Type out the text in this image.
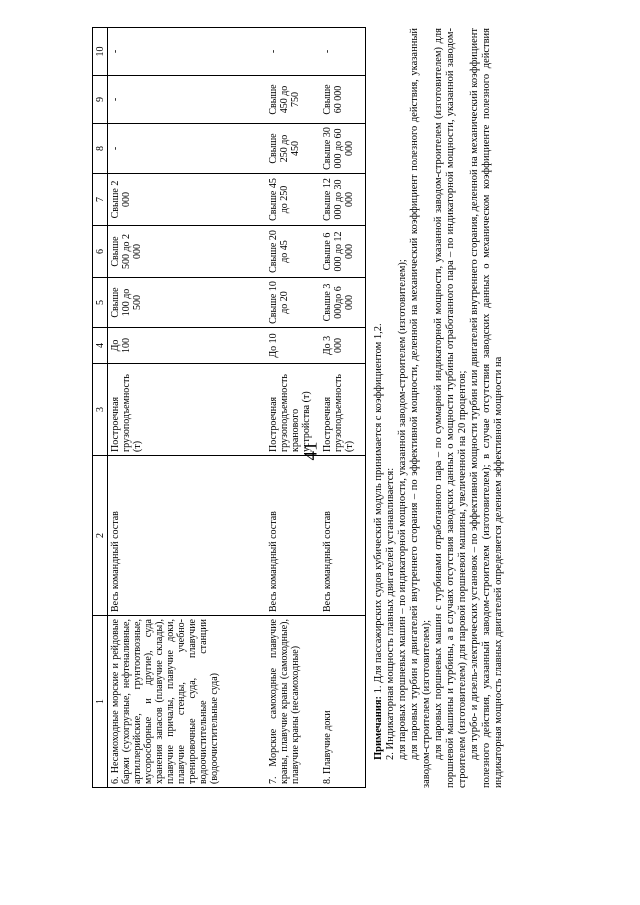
41
1	2	3	4	5	6	7	8	9	10
6. Несамоходные морские и рейдовые баржи (сухогрузные, нефтеналивные, артиллерийские, грунтоотвозные, мусоросборные и другие), суда хранения запасов (плавучие склады), плавучие причалы, плавучие доки, плавучие стенды, учебно-тренировочные суда, плавучие водоочистительные станции (водоочистительные суда)	Весь командный состав	Построечная грузоподъемность (т)	До 100	Свыше 100 до 500	Свыше 500 до 2 000	Свыше 2 000	-	-	-
7. Морские самоходные плавучие краны, плавучие краны (самоходные), плавучие краны (несамоходные)	Весь командный состав	Построечная грузоподъемность кранового устройства (т)	До 10	Свыше 10 до 20	Свыше 20 до 45	Свыше 45 до 250	Свыше 250 до 450	Свыше 450 до 750	-
8. Плавучие доки	Весь командный состав	Построечная грузоподъемность (т)	До 3 000	Свыше 3 000до 6 000	Свыше 6 000 до 12 000	Свыше 12 000 до 30 000	Свыше 30 000 до 60 000	Свыше 60 000	-

Примечания: 1. Для пассажирских судов кубический модуль принимается с коэффициентом 1,2. 2. Индикаторная мощность главных двигателей устанавливается: для паровых поршневых машин – по индикаторной мощности, указанной заводом-строителем (изготовителем); для паровых турбин и двигателей внутреннего сгорания – по эффективной мощности, деленной на механический коэффициент полезного действия, указанный заводом-строителем (изготовителем); для паровых поршневых машин с турбинами отработанного пара – по суммарной индикаторной мощности, указанной заводом-строителем (изготовителем) для поршневой машины и турбины, а в случаях отсутствия заводских данных о мощности турбины отработанного пара – по индикаторной мощности, указанной заводом-строителем (изготовителем) для паровой поршневой машины, увеличенной на 20 процентов; для турбо- и дизель-электрических установок – по эффективной мощности турбин или двигателей внутреннего сгорания, деленной на механический коэффициент полезного действия, указанный заводом-строителем (изготовителем); в случае отсутствия заводских данных о механическом коэффициенте полезного действия индикаторная мощность главных двигателей определяется делением эффективной мощности на
